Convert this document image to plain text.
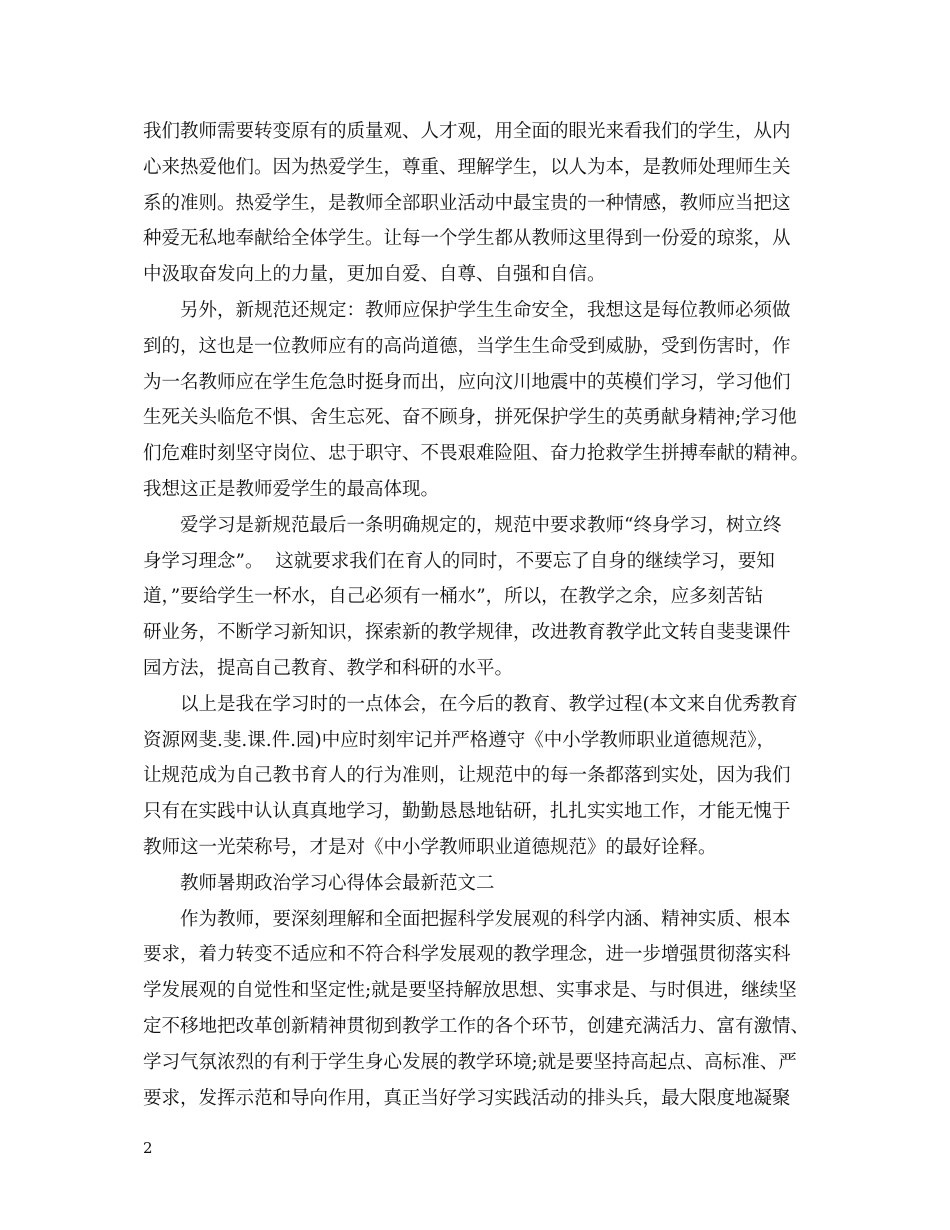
我们教师需要转变原有的质量观、人才观，用全面的眼光来看我们的学生，从内
心来热爱他们。因为热爱学生，尊重、理解学生，以人为本，是教师处理师生关
系的准则。热爱学生，是教师全部职业活动中最宝贵的一种情感，教师应当把这
种爱无私地奉献给全体学生。让每一个学生都从教师这里得到一份爱的琼浆，从
中汲取奋发向上的力量，更加自爱、自尊、自强和自信。

另外，新规范还规定：教师应保护学生生命安全，我想这是每位教师必须做
到的，这也是一位教师应有的高尚道德，当学生生命受到威胁，受到伤害时，作
为一名教师应在学生危急时挺身而出，应向汶川地震中的英模们学习，学习他们
生死关头临危不惧、舍生忘死、奋不顾身，拼死保护学生的英勇献身精神;学习他
们危难时刻坚守岗位、忠于职守、不畏艰难险阻、奋力抢救学生拼搏奉献的精神。
我想这正是教师爱学生的最高体现。

爱学习是新规范最后一条明确规定的，规范中要求教师“终身学习，树立终
身学习理念”。  这就要求我们在育人的同时，不要忘了自身的继续学习，要知
道，”要给学生一杯水，自己必须有一桶水”，所以，在教学之余，应多刻苦钻
研业务，不断学习新知识，探索新的教学规律，改进教育教学此文转自斐斐课件
园方法，提高自己教育、教学和科研的水平。

以上是我在学习时的一点体会，在今后的教育、教学过程(本文来自优秀教育
资源网斐.斐.课.件.园)中应时刻牢记并严格遵守《中小学教师职业道德规范》，
让规范成为自己教书育人的行为准则，让规范中的每一条都落到实处，因为我们
只有在实践中认认真真地学习，勤勤恳恳地钻研，扎扎实实地工作，才能无愧于
教师这一光荣称号，才是对《中小学教师职业道德规范》的最好诠释。

教师暑期政治学习心得体会最新范文二

作为教师，要深刻理解和全面把握科学发展观的科学内涵、精神实质、根本
要求，着力转变不适应和不符合科学发展观的教学理念，进一步增强贯彻落实科
学发展观的自觉性和坚定性;就是要坚持解放思想、实事求是、与时俱进，继续坚
定不移地把改革创新精神贯彻到教学工作的各个环节，创建充满活力、富有激情、
学习气氛浓烈的有利于学生身心发展的教学环境;就是要坚持高起点、高标准、严
要求，发挥示范和导向作用，真正当好学习实践活动的排头兵，最大限度地凝聚

2
